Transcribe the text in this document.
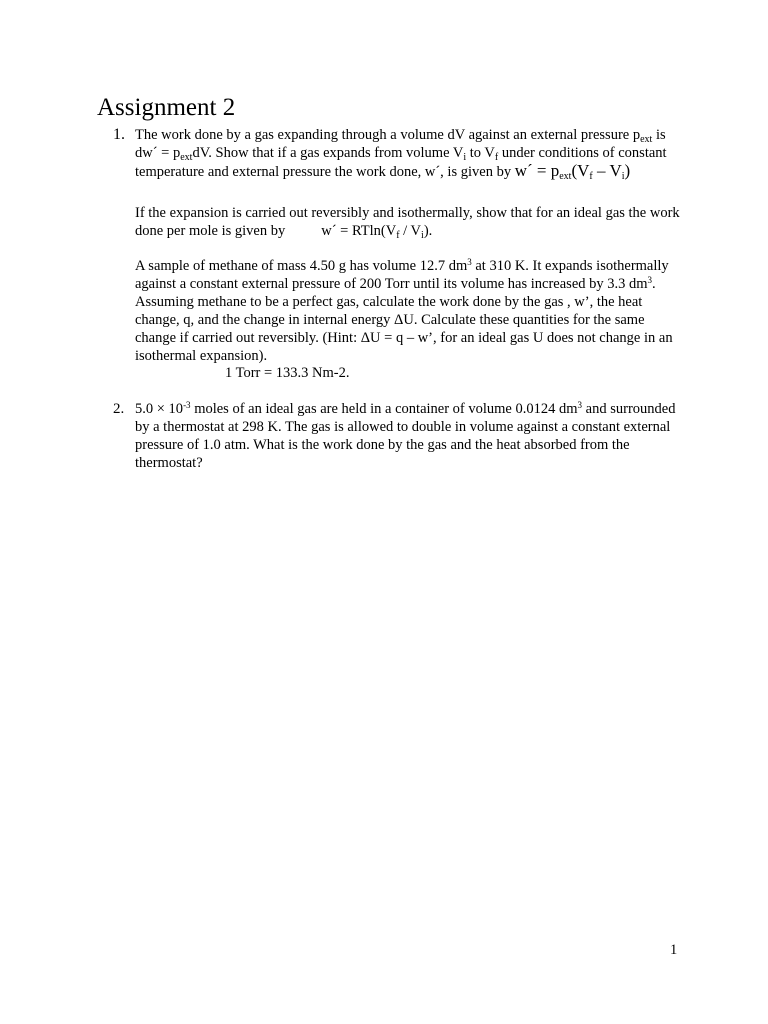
Assignment 2
1. The work done by a gas expanding through a volume dV against an external pressure $p_{ext}$ is dw´ = $p_{ext}dV$. Show that if a gas expands from volume $V_i$ to $V_f$ under conditions of constant temperature and external pressure the work done, w´, is given by w´ = $p_{ext}(V_f - V_i)$

If the expansion is carried out reversibly and isothermally, show that for an ideal gas the work done per mole is given by w´ = $RTln(V_f / V_i)$.

A sample of methane of mass 4.50 g has volume 12.7 $dm^3$ at 310 K. It expands isothermally against a constant external pressure of 200 Torr until its volume has increased by 3.3 $dm^3$. Assuming methane to be a perfect gas, calculate the work done by the gas , w’, the heat change, q, and the change in internal energy ΔU. Calculate these quantities for the same change if carried out reversibly. (Hint: ΔU = q – w’, for an ideal gas U does not change in an isothermal expansion).

1 Torr = 133.3 Nm-2.
2. $5.0 \times 10^{-3}$ moles of an ideal gas are held in a container of volume 0.0124 $dm^3$ and surrounded by a thermostat at 298 K. The gas is allowed to double in volume against a constant external pressure of 1.0 atm. What is the work done by the gas and the heat absorbed from the thermostat?

1
